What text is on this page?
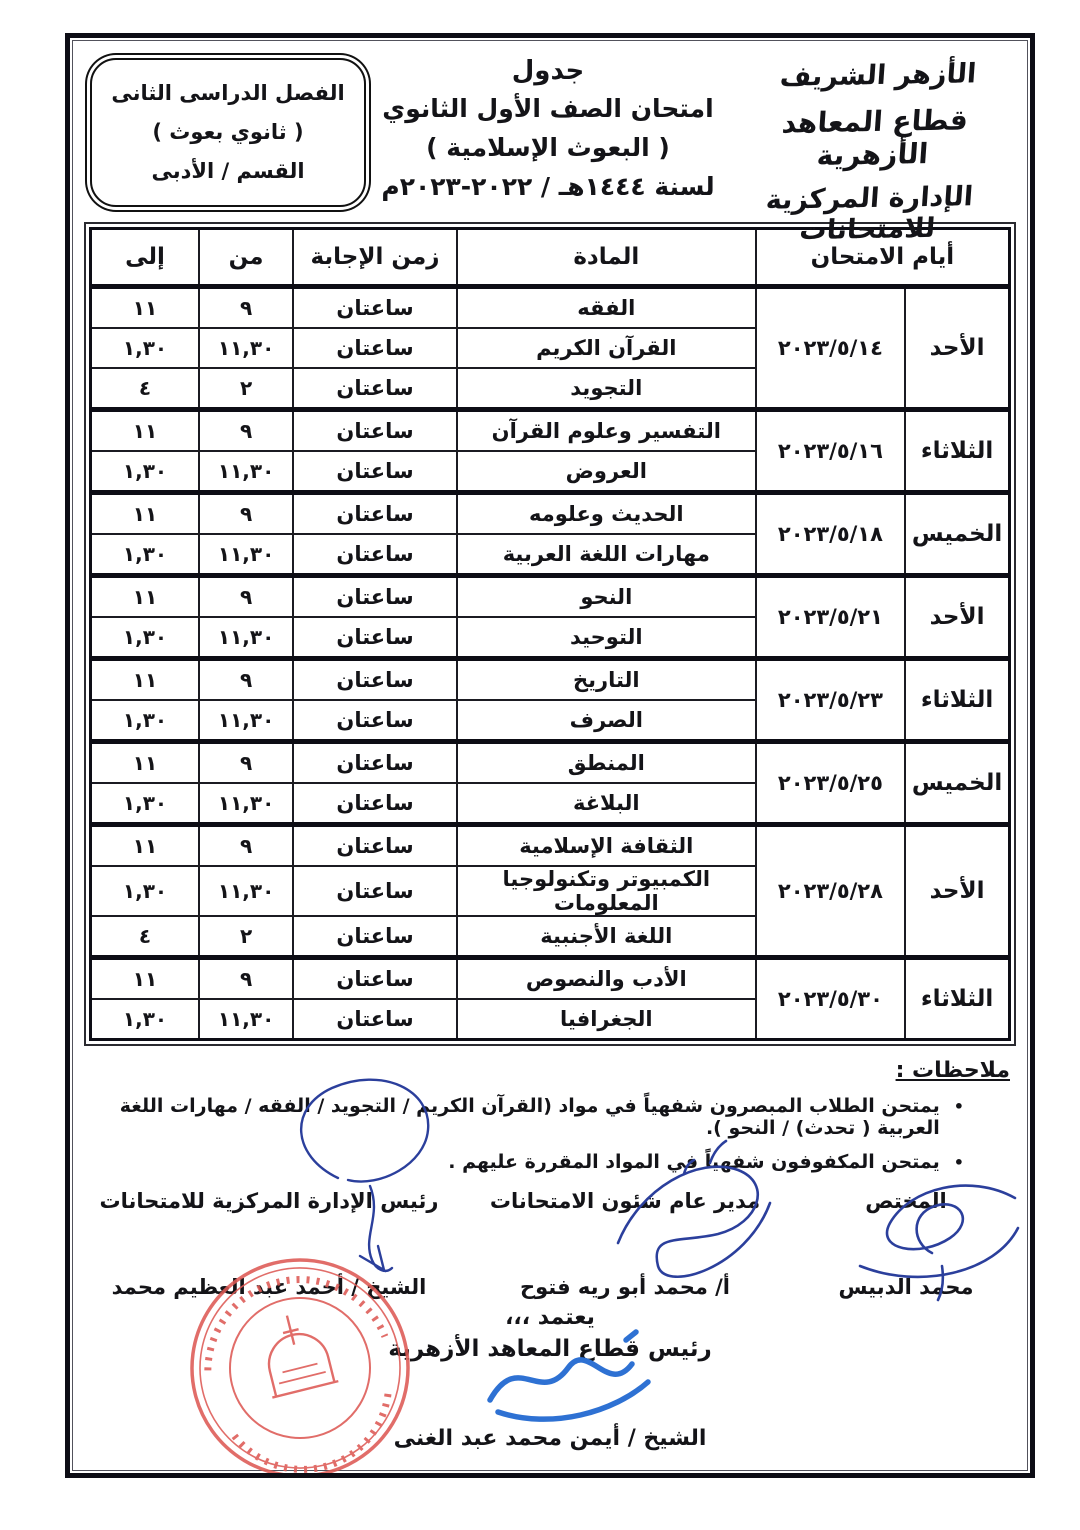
الأزهر الشريف
قطاع المعاهد الأزهرية
الإدارة المركزية للامتحانات
جدول
امتحان الصف الأول الثانوي
( البعوث الإسلامية )
لسنة ١٤٤٤هـ / ٢٠٢٢-٢٠٢٣م
الفصل الدراسى الثانى
( ثانوي بعوث )
القسم / الأدبى
أيام الامتحان		المادة	زمن الإجابة	من	إلى
الأحد	٢٠٢٣/٥/١٤	الفقه	ساعتان	٩	١١
		القرآن الكريم	ساعتان	١١,٣٠	١,٣٠
		التجويد	ساعتان	٢	٤
الثلاثاء	٢٠٢٣/٥/١٦	التفسير وعلوم القرآن	ساعتان	٩	١١
		العروض	ساعتان	١١,٣٠	١,٣٠
الخميس	٢٠٢٣/٥/١٨	الحديث وعلومه	ساعتان	٩	١١
		مهارات اللغة العربية	ساعتان	١١,٣٠	١,٣٠
الأحد	٢٠٢٣/٥/٢١	النحو	ساعتان	٩	١١
		التوحيد	ساعتان	١١,٣٠	١,٣٠
الثلاثاء	٢٠٢٣/٥/٢٣	التاريخ	ساعتان	٩	١١
		الصرف	ساعتان	١١,٣٠	١,٣٠
الخميس	٢٠٢٣/٥/٢٥	المنطق	ساعتان	٩	١١
		البلاغة	ساعتان	١١,٣٠	١,٣٠
الأحد	٢٠٢٣/٥/٢٨	الثقافة الإسلامية	ساعتان	٩	١١
		الكمبيوتر وتكنولوجيا المعلومات	ساعتان	١١,٣٠	١,٣٠
		اللغة الأجنبية	ساعتان	٢	٤
الثلاثاء	٢٠٢٣/٥/٣٠	الأدب والنصوص	ساعتان	٩	١١
		الجغرافيا	ساعتان	١١,٣٠	١,٣٠
ملاحظات :
•
يمتحن الطلاب المبصرون شفهياً في مواد (القرآن الكريم / التجويد / الفقه / مهارات اللغة العربية ( تحدث) / النحو ).
•
يمتحن المكفوفون شفهياً في المواد المقررة عليهم .
المختص
محمد الدبيس
مدير عام شئون الامتحانات
أ/ محمد أبو ريه فتوح
رئيس الإدارة المركزية للامتحانات
الشيخ / أحمد عبد العظيم محمد
يعتمد ،،،
رئيس قطاع المعاهد الأزهرية
الشيخ / أيمن محمد عبد الغنى
